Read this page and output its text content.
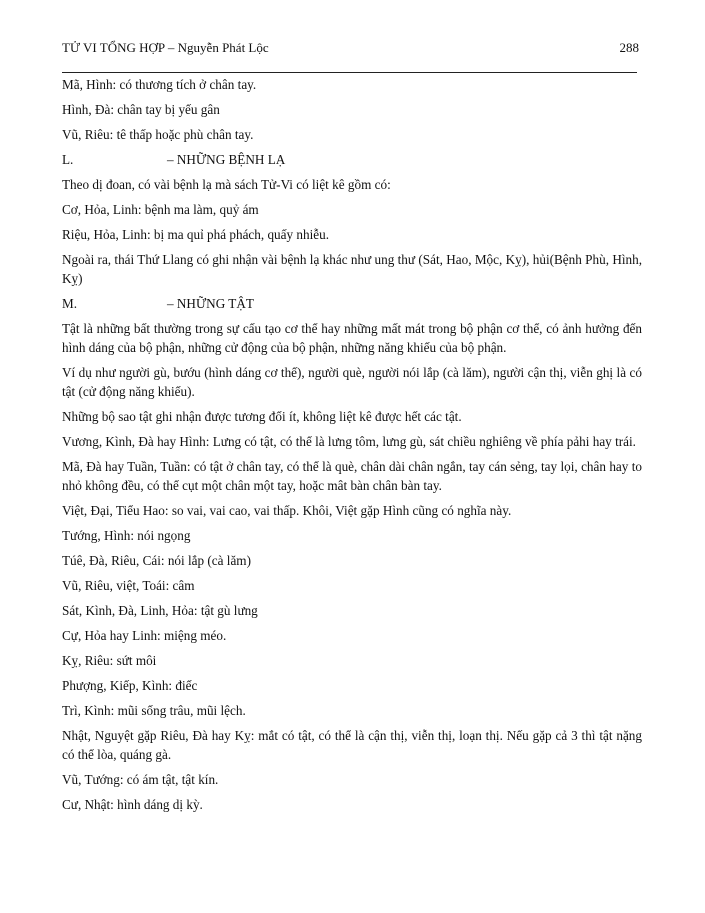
TỬ VI TỔNG HỢP – Nguyễn Phát Lộc	288

Mã, Hình: có thương tích ở chân tay.

Hình, Đà: chân tay bị yếu gân

Vũ, Riêu: tê thấp hoặc phù chân tay.

L.	– NHỮNG BỆNH LẠ

Theo dị đoan, có vài bệnh lạ mà sách Tử-Vi có liệt kê gồm có:

Cơ, Hỏa, Linh: bệnh ma làm, quỷ ám

Riệu, Hỏa, Linh: bị ma quỉ phá phách, quấy nhiễu.

Ngoài ra, thái Thứ Llang có ghi nhận vài bệnh lạ khác như ung thư (Sát, Hao, Mộc, Kỵ), hủi(Bệnh Phù, Hình, Kỵ)

M.	– NHỮNG TẬT

Tật là những bất thường trong sự cấu tạo cơ thể hay những mất mát trong bộ phận cơ thể, có ảnh hưởng đến hình dáng của bộ phận, những cử động của bộ phận, những năng khiếu của bộ phận.

Ví dụ như người gù, bướu (hình dáng cơ thể), người què, người nói lắp (cà lăm), người cận thị, viễn ghị là có tật (cử động năng khiếu).

Những bộ sao tật ghi nhận được tương đối ít, không liệt kê được hết các tật.

Vương, Kình, Đà hay Hình: Lưng có tật, có thể là lưng tôm, lưng gù, sát chiều nghiêng về phía pảhi hay trái.

Mã, Đà hay Tuần, Tuần: có tật ở chân tay, có thể là què, chân dài chân ngắn, tay cán sẻng, tay lọi, chân hay to nhỏ không đều, có thể cụt một chân một tay, hoặc mât bàn chân bàn tay.

Việt, Đại, Tiểu Hao: so vai, vai cao, vai thấp. Khôi, Việt gặp Hình cũng có nghĩa này.

Tướng, Hình: nói ngọng

Túê, Đà, Riêu, Cái: nói lắp (cà lăm)

Vũ, Riêu, việt, Toái: câm

Sát, Kình, Đà, Linh, Hỏa: tật gù lưng

Cự, Hỏa hay Linh: miệng méo.

Kỵ, Riêu: sứt môi

Phượng, Kiếp, Kình: điếc

Trì, Kình: mũi sống trâu, mũi lệch.

Nhật, Nguyệt gặp Riêu, Đà hay Kỵ: mắt có tật, có thể là cận thị, viễn thị, loạn thị. Nếu gặp cả 3 thì tật nặng có thể lòa, quáng gà.

Vũ, Tướng: có ám tật, tật kín.

Cư, Nhật: hình dáng dị kỳ.
